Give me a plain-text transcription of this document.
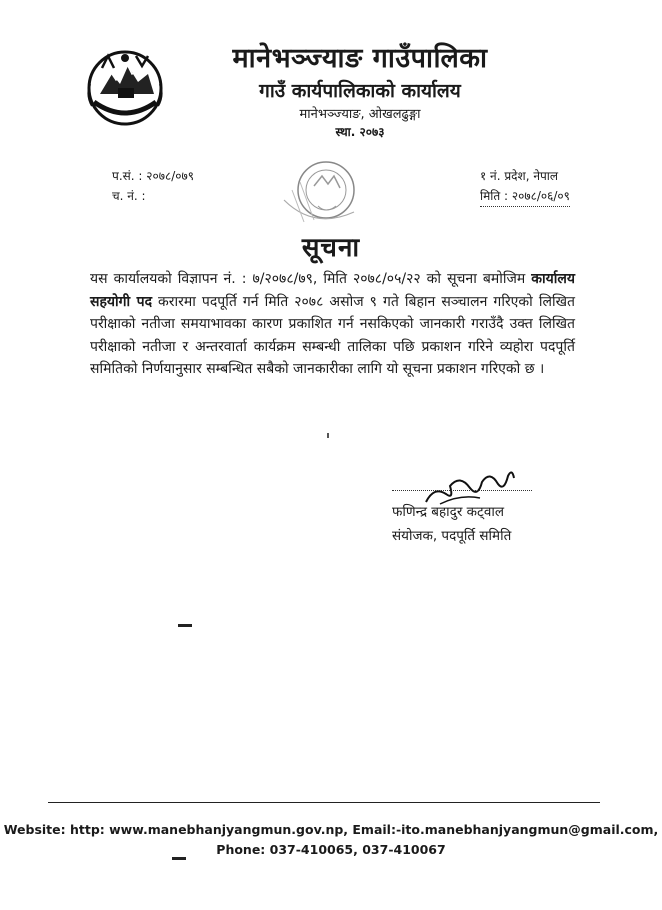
मानेभञ्ज्याङ गाउँपालिका
गाउँ कार्यपालिकाको कार्यालय
मानेभञ्ज्याङ, ओखलढुङ्गा
स्था. २०७३
प.सं. : २०७८/०७९
च. नं. :
१ नं. प्रदेश, नेपाल
मिति : २०७८/०६/०९
सूचना
यस कार्यालयको विज्ञापन नं. : ७/२०७८/७९, मिति २०७८/०५/२२ को सूचना बमोजिम कार्यालय सहयोगी पद करारमा पदपूर्ति गर्न मिति २०७८ असोज ९ गते बिहान सञ्चालन गरिएको लिखित परीक्षाको नतीजा समयाभावका कारण प्रकाशित गर्न नसकिएको जानकारी गराउँदै उक्त लिखित परीक्षाको नतीजा र अन्तरवार्ता कार्यक्रम सम्बन्धी तालिका पछि प्रकाशन गरिने व्यहोरा पदपूर्ति समितिको निर्णयानुसार सम्बन्धित सबैको जानकारीका लागि यो सूचना प्रकाशन गरिएको छ ।
फणिन्द्र बहादुर कट्वाल
संयोजक, पदपूर्ति समिति
Website: http: www.manebhanjyangmun.gov.np, Email:-ito.manebhanjyangmun@gmail.com,
Phone: 037-410065, 037-410067
